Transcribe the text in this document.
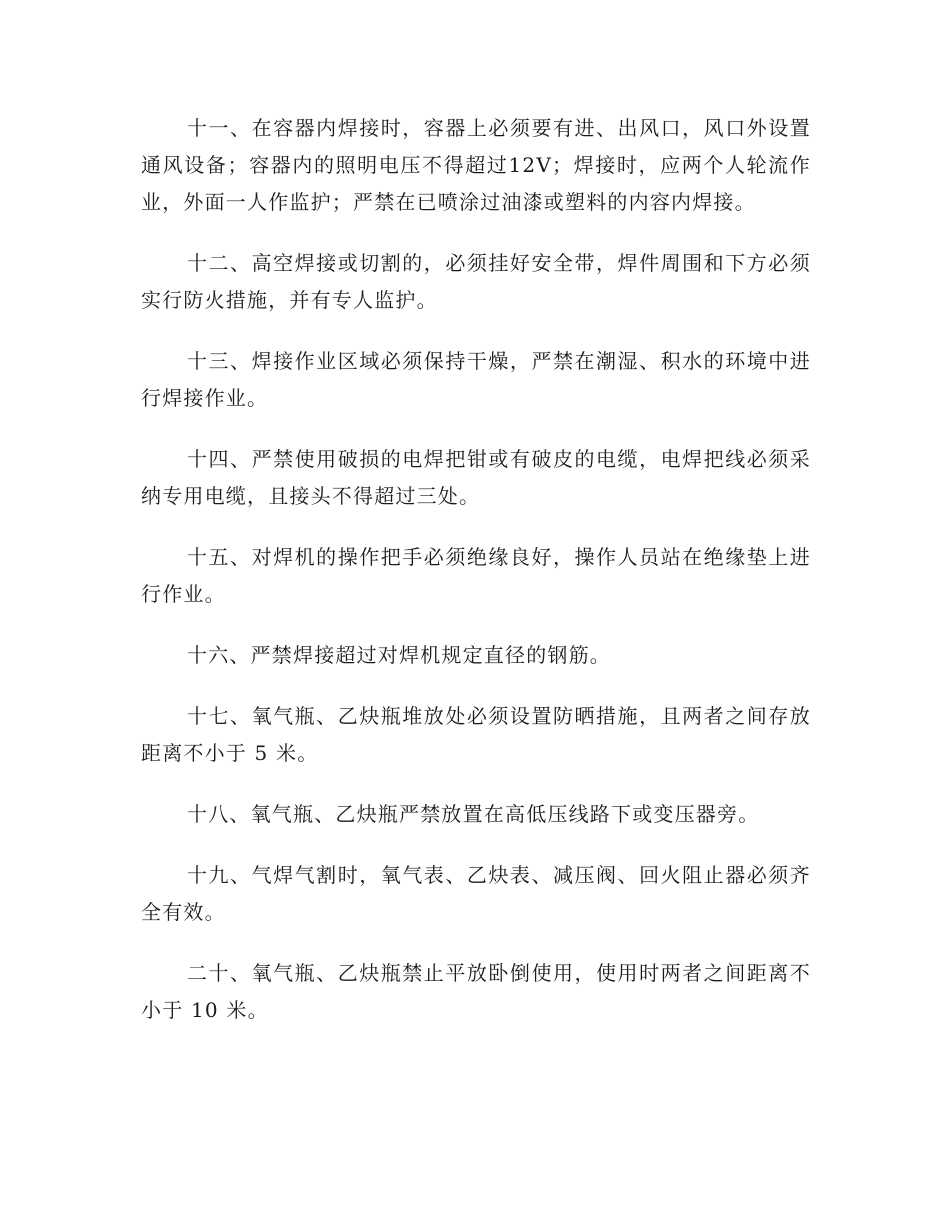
十一、在容器内焊接时，容器上必须要有进、出风口，风口外设置通风设备；容器内的照明电压不得超过12V；焊接时，应两个人轮流作业，外面一人作监护；严禁在已喷涂过油漆或塑料的内容内焊接。

十二、高空焊接或切割的，必须挂好安全带，焊件周围和下方必须实行防火措施，并有专人监护。

十三、焊接作业区域必须保持干燥，严禁在潮湿、积水的环境中进行焊接作业。

十四、严禁使用破损的电焊把钳或有破皮的电缆，电焊把线必须采纳专用电缆，且接头不得超过三处。

十五、对焊机的操作把手必须绝缘良好，操作人员站在绝缘垫上进行作业。

十六、严禁焊接超过对焊机规定直径的钢筋。

十七、氧气瓶、乙炔瓶堆放处必须设置防晒措施，且两者之间存放距离不小于 5 米。

十八、氧气瓶、乙炔瓶严禁放置在高低压线路下或变压器旁。

十九、气焊气割时，氧气表、乙炔表、减压阀、回火阻止器必须齐全有效。

二十、氧气瓶、乙炔瓶禁止平放卧倒使用，使用时两者之间距离不小于 10 米。
